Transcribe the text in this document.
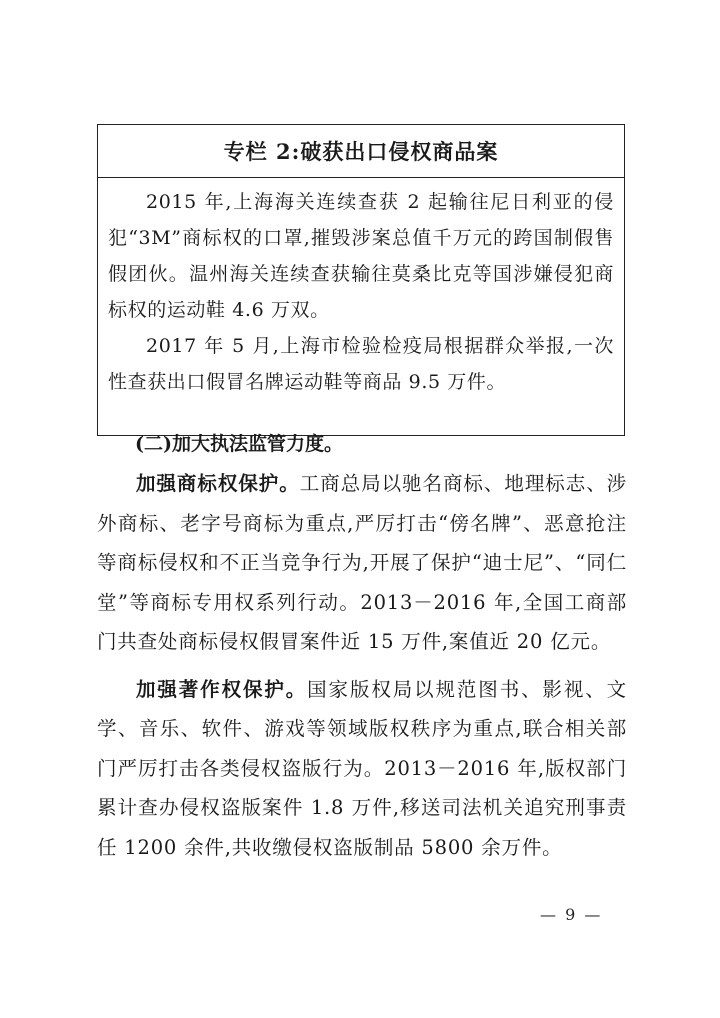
专栏 2:破获出口侵权商品案

2015 年,上海海关连续查获 2 起输往尼日利亚的侵犯“3M”商标权的口罩,摧毁涉案总值千万元的跨国制假售假团伙。温州海关连续查获输往莫桑比克等国涉嫌侵犯商标权的运动鞋 4.6 万双。

2017 年 5 月,上海市检验检疫局根据群众举报,一次性查获出口假冒名牌运动鞋等商品 9.5 万件。

(二)加大执法监管力度。

加强商标权保护。工商总局以驰名商标、地理标志、涉外商标、老字号商标为重点,严厉打击“傍名牌”、恶意抢注等商标侵权和不正当竞争行为,开展了保护“迪士尼”、“同仁堂”等商标专用权系列行动。2013－2016 年,全国工商部门共查处商标侵权假冒案件近 15 万件,案值近 20 亿元。

加强著作权保护。国家版权局以规范图书、影视、文学、音乐、软件、游戏等领域版权秩序为重点,联合相关部门严厉打击各类侵权盗版行为。2013－2016 年,版权部门累计查办侵权盗版案件 1.8 万件,移送司法机关追究刑事责任 1200 余件,共收缴侵权盗版制品 5800 余万件。

— 9 —
